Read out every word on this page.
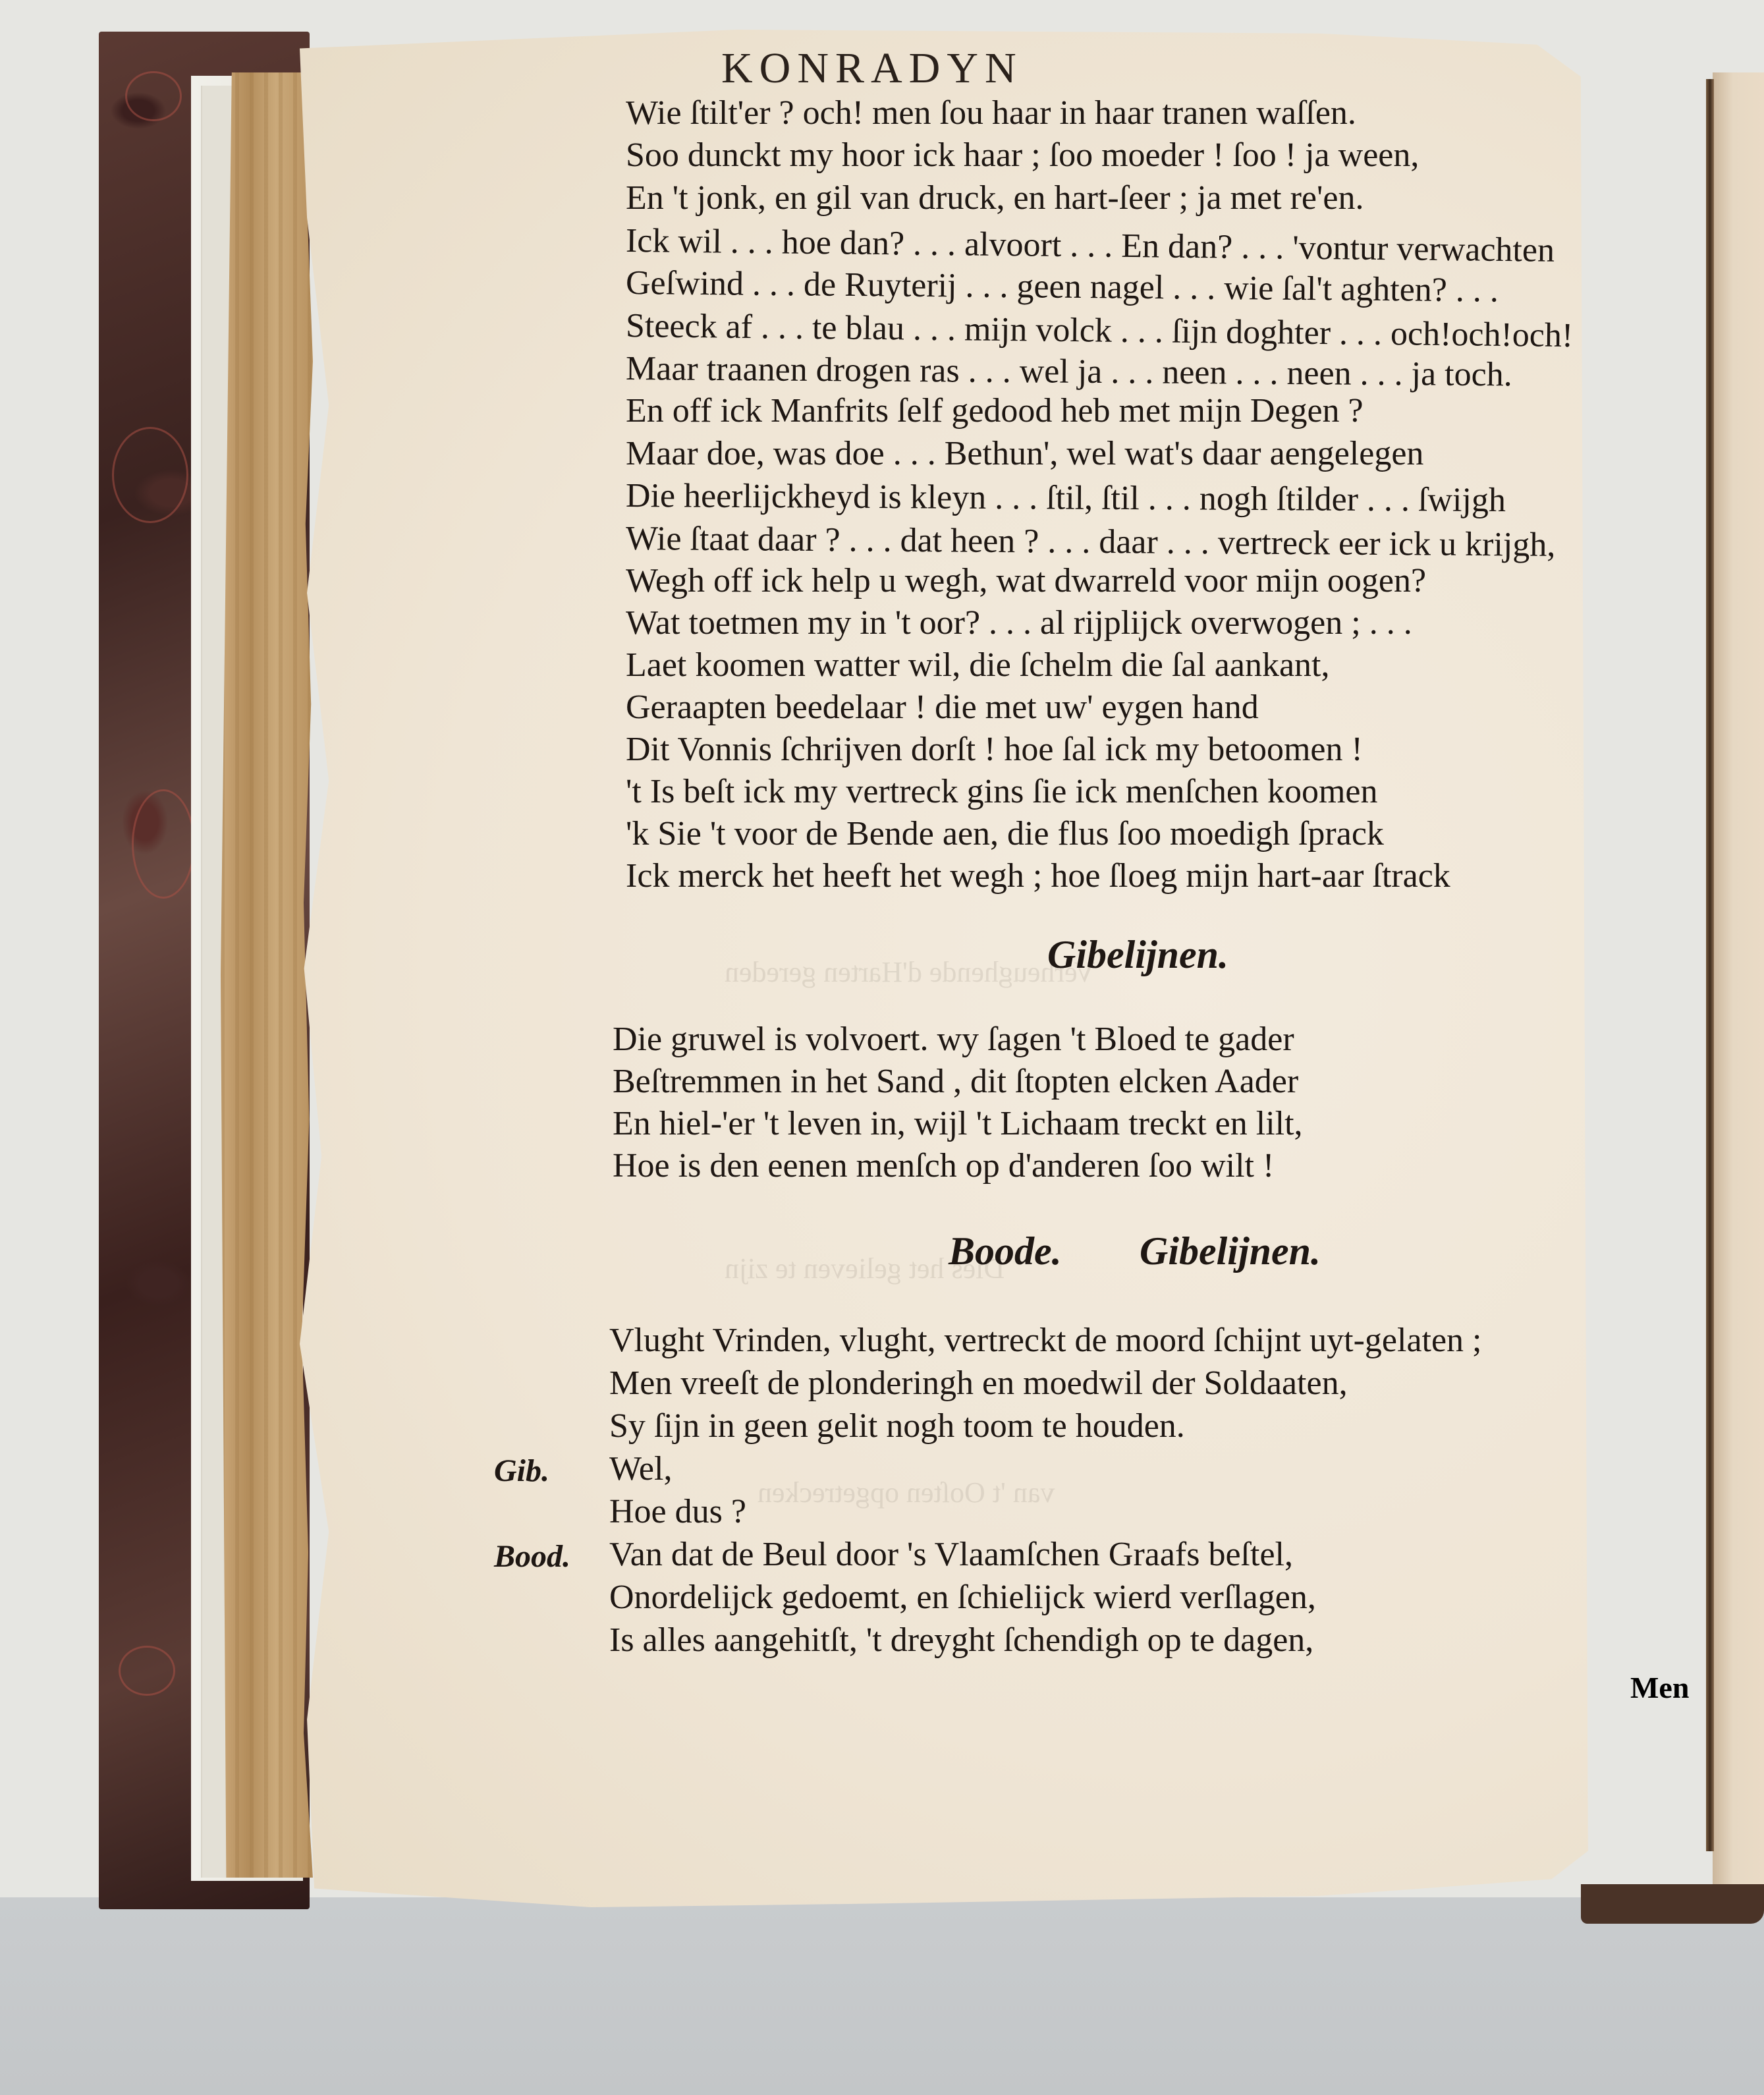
Verheughende d'Harten gereden
Dies het gelieven te zijn
van 't Ooſten opgetrecken
KONRADYN
Wie ſtilt'er ? och! men ſou haar in haar tranen waſſen.
Soo dunckt my hoor ick haar ; ſoo moeder ! ſoo ! ja ween,
En 't jonk, en gil van druck, en hart-ſeer ; ja met re'en.
Ick wil . . . hoe dan? . . . alvoort . . . En dan? . . . 'vontur verwachten
Geſwind . . . de Ruyterij . . . geen nagel . . . wie ſal't aghten? . . .
Steeck af . . . te blau . . . mijn volck . . . ſijn doghter . . . och!och!och!
Maar traanen drogen ras . . . wel ja . . . neen . . . neen . . . ja toch.
En off ick Manfrits ſelf gedood heb met mijn Degen ?
Maar doe, was doe . . . Bethun', wel wat's daar aengelegen
Die heerlijckheyd is kleyn . . . ſtil, ſtil . . . nogh ſtilder . . . ſwijgh
Wie ſtaat daar ? . . . dat heen ? . . . daar . . . vertreck eer ick u krijgh,
Wegh off ick help u wegh, wat dwarreld voor mijn oogen?
Wat toetmen my in 't oor? . . . al rijplijck overwogen ; . . .
Laet koomen watter wil, die ſchelm die ſal aankant,
Geraapten beedelaar ! die met uw' eygen hand
Dit Vonnis ſchrijven dorſt ! hoe ſal ick my betoomen !
't Is beſt ick my vertreck gins ſie ick menſchen koomen
'k Sie 't voor de Bende aen, die flus ſoo moedigh ſprack
Ick merck het heeft het wegh ; hoe ſloeg mijn hart-aar ſtrack
Gibelijnen.
Die gruwel is volvoert. wy ſagen 't Bloed te gader
Beſtremmen in het Sand , dit ſtopten elcken Aader
En hiel-'er 't leven in, wijl 't Lichaam treckt en lilt,
Hoe is den eenen menſch op d'anderen ſoo wilt !
Boode. Gibelijnen.
Vlught Vrinden, vlught, vertreckt de moord ſchijnt uyt-gelaten ;
Men vreeſt de plonderingh en moedwil der Soldaaten,
Sy ſijn in geen gelit nogh toom te houden.
Gib. Wel,
Hoe dus ?
Bood. Van dat de Beul door 's Vlaamſchen Graafs beſtel,
Onordelijck gedoemt, en ſchielijck wierd verſlagen,
Is alles aangehitſt, 't dreyght ſchendigh op te dagen,
Men
